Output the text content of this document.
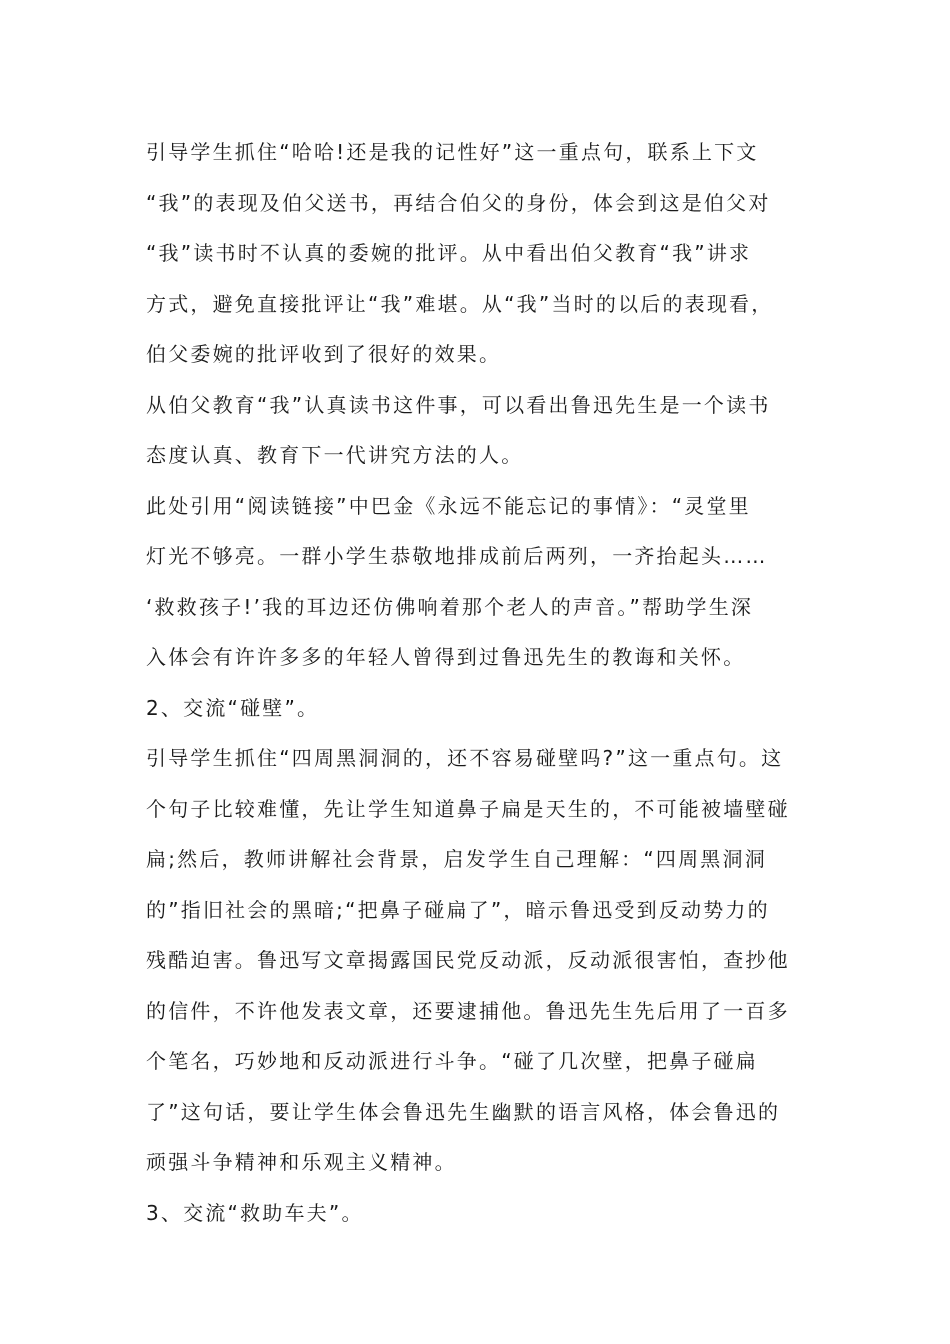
引导学生抓住“哈哈!还是我的记性好”这一重点句，联系上下文
“我”的表现及伯父送书，再结合伯父的身份，体会到这是伯父对
“我”读书时不认真的委婉的批评。从中看出伯父教育“我”讲求
方式，避免直接批评让“我”难堪。从“我”当时的以后的表现看，
伯父委婉的批评收到了很好的效果。
从伯父教育“我”认真读书这件事，可以看出鲁迅先生是一个读书
态度认真、教育下一代讲究方法的人。
此处引用“阅读链接”中巴金《永远不能忘记的事情》：“灵堂里
灯光不够亮。一群小学生恭敬地排成前后两列，一齐抬起头……
‘救救孩子!’我的耳边还仿佛响着那个老人的声音。”帮助学生深
入体会有许许多多的年轻人曾得到过鲁迅先生的教诲和关怀。
2、交流“碰壁”。
引导学生抓住“四周黑洞洞的，还不容易碰壁吗?”这一重点句。这
个句子比较难懂，先让学生知道鼻子扁是天生的，不可能被墙壁碰
扁;然后，教师讲解社会背景，启发学生自己理解：“四周黑洞洞
的”指旧社会的黑暗;“把鼻子碰扁了”，暗示鲁迅受到反动势力的
残酷迫害。鲁迅写文章揭露国民党反动派，反动派很害怕，查抄他
的信件，不许他发表文章，还要逮捕他。鲁迅先生先后用了一百多
个笔名，巧妙地和反动派进行斗争。“碰了几次壁，把鼻子碰扁
了”这句话，要让学生体会鲁迅先生幽默的语言风格，体会鲁迅的
顽强斗争精神和乐观主义精神。
3、交流“救助车夫”。
